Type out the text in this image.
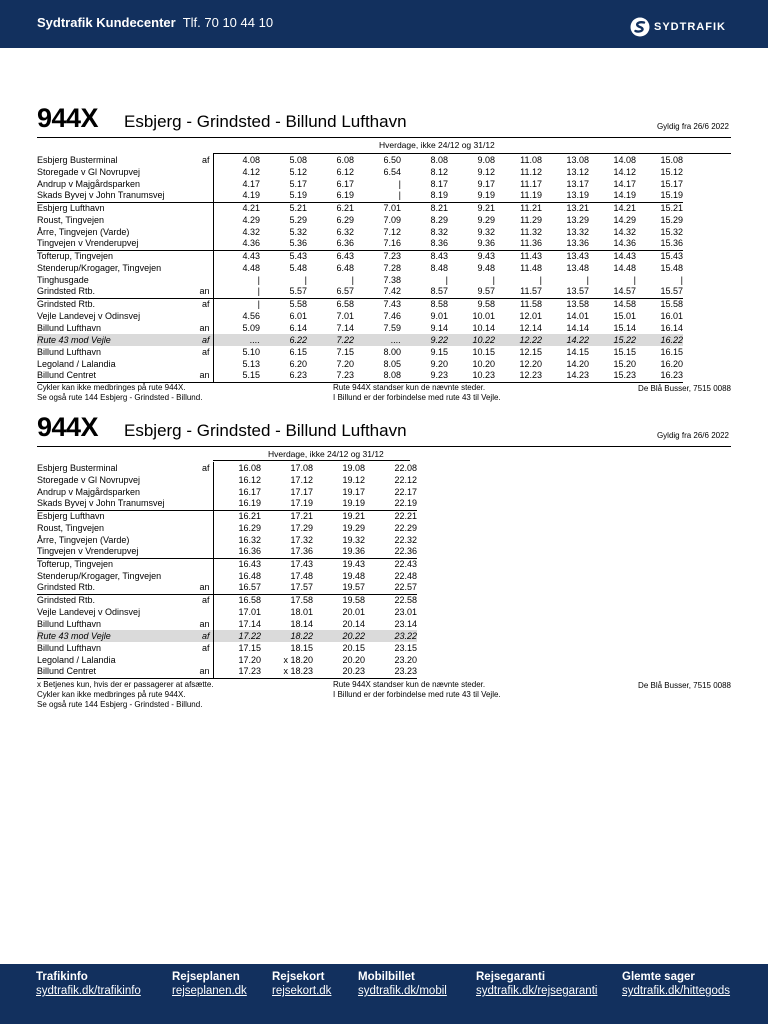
Sydtrafik Kundecenter Tlf. 70 10 44 10	SYDTRAFIK
944X Esbjerg - Grindsted - Billund Lufthavn	Gyldig fra 26/6 2022
Hverdage, ikke 24/12 og 31/12
Esbjerg Busterminal	af	4.08	5.08	6.08	6.50	8.08	9.08	11.08	13.08	14.08	15.08
Storegade v Gl Novrupvej		4.12	5.12	6.12	6.54	8.12	9.12	11.12	13.12	14.12	15.12
Andrup v Majgårdsparken		4.17	5.17	6.17	|	8.17	9.17	11.17	13.17	14.17	15.17
Skads Byvej v John Tranumsvej		4.19	5.19	6.19	|	8.19	9.19	11.19	13.19	14.19	15.19
Esbjerg Lufthavn		4.21	5.21	6.21	7.01	8.21	9.21	11.21	13.21	14.21	15.21
Roust, Tingvejen		4.29	5.29	6.29	7.09	8.29	9.29	11.29	13.29	14.29	15.29
Årre, Tingvejen (Varde)		4.32	5.32	6.32	7.12	8.32	9.32	11.32	13.32	14.32	15.32
Tingvejen v Vrenderupvej		4.36	5.36	6.36	7.16	8.36	9.36	11.36	13.36	14.36	15.36
Tofterup, Tingvejen		4.43	5.43	6.43	7.23	8.43	9.43	11.43	13.43	14.43	15.43
Stenderup/Krogager, Tingvejen		4.48	5.48	6.48	7.28	8.48	9.48	11.48	13.48	14.48	15.48
Tinghusgade		|	|	|	7.38	|	|	|	|	|	|
Grindsted Rtb.	an	|	5.57	6.57	7.42	8.57	9.57	11.57	13.57	14.57	15.57
Grindsted Rtb.	af	|	5.58	6.58	7.43	8.58	9.58	11.58	13.58	14.58	15.58
Vejle Landevej v Odinsvej		4.56	6.01	7.01	7.46	9.01	10.01	12.01	14.01	15.01	16.01
Billund Lufthavn	an	5.09	6.14	7.14	7.59	9.14	10.14	12.14	14.14	15.14	16.14
Rute 43 mod Vejle	af	....	6.22	7.22	....	9.22	10.22	12.22	14.22	15.22	16.22
Billund Lufthavn	af	5.10	6.15	7.15	8.00	9.15	10.15	12.15	14.15	15.15	16.15
Legoland / Lalandia		5.13	6.20	7.20	8.05	9.20	10.20	12.20	14.20	15.20	16.20
Billund Centret	an	5.15	6.23	7.23	8.08	9.23	10.23	12.23	14.23	15.23	16.23
Cykler kan ikke medbringes på rute 944X.
Se også rute 144 Esbjerg - Grindsted - Billund.
Rute 944X standser kun de nævnte steder.
I Billund er der forbindelse med rute 43 til Vejle.
De Blå Busser, 7515 0088
944X Esbjerg - Grindsted - Billund Lufthavn	Gyldig fra 26/6 2022
Hverdage, ikke 24/12 og 31/12
Esbjerg Busterminal	af	16.08	17.08	19.08	22.08
Storegade v Gl Novrupvej		16.12	17.12	19.12	22.12
Andrup v Majgårdsparken		16.17	17.17	19.17	22.17
Skads Byvej v John Tranumsvej		16.19	17.19	19.19	22.19
Esbjerg Lufthavn		16.21	17.21	19.21	22.21
Roust, Tingvejen		16.29	17.29	19.29	22.29
Årre, Tingvejen (Varde)		16.32	17.32	19.32	22.32
Tingvejen v Vrenderupvej		16.36	17.36	19.36	22.36
Tofterup, Tingvejen		16.43	17.43	19.43	22.43
Stenderup/Krogager, Tingvejen		16.48	17.48	19.48	22.48
Grindsted Rtb.	an	16.57	17.57	19.57	22.57
Grindsted Rtb.	af	16.58	17.58	19.58	22.58
Vejle Landevej v Odinsvej		17.01	18.01	20.01	23.01
Billund Lufthavn	an	17.14	18.14	20.14	23.14
Rute 43 mod Vejle	af	17.22	18.22	20.22	23.22
Billund Lufthavn	af	17.15	18.15	20.15	23.15
Legoland / Lalandia		17.20	x 18.20	20.20	23.20
Billund Centret	an	17.23	x 18.23	20.23	23.23
x Betjenes kun, hvis der er passagerer at afsætte.
Cykler kan ikke medbringes på rute 944X.
Se også rute 144 Esbjerg - Grindsted - Billund.
Rute 944X standser kun de nævnte steder.
I Billund er der forbindelse med rute 43 til Vejle.
De Blå Busser, 7515 0088
Trafikinfo
sydtrafik.dk/trafikinfo
Rejseplanen
rejseplanen.dk
Rejsekort
rejsekort.dk
Mobilbillet
sydtrafik.dk/mobil
Rejsegaranti
sydtrafik.dk/rejsegaranti
Glemte sager
sydtrafik.dk/hittegods
